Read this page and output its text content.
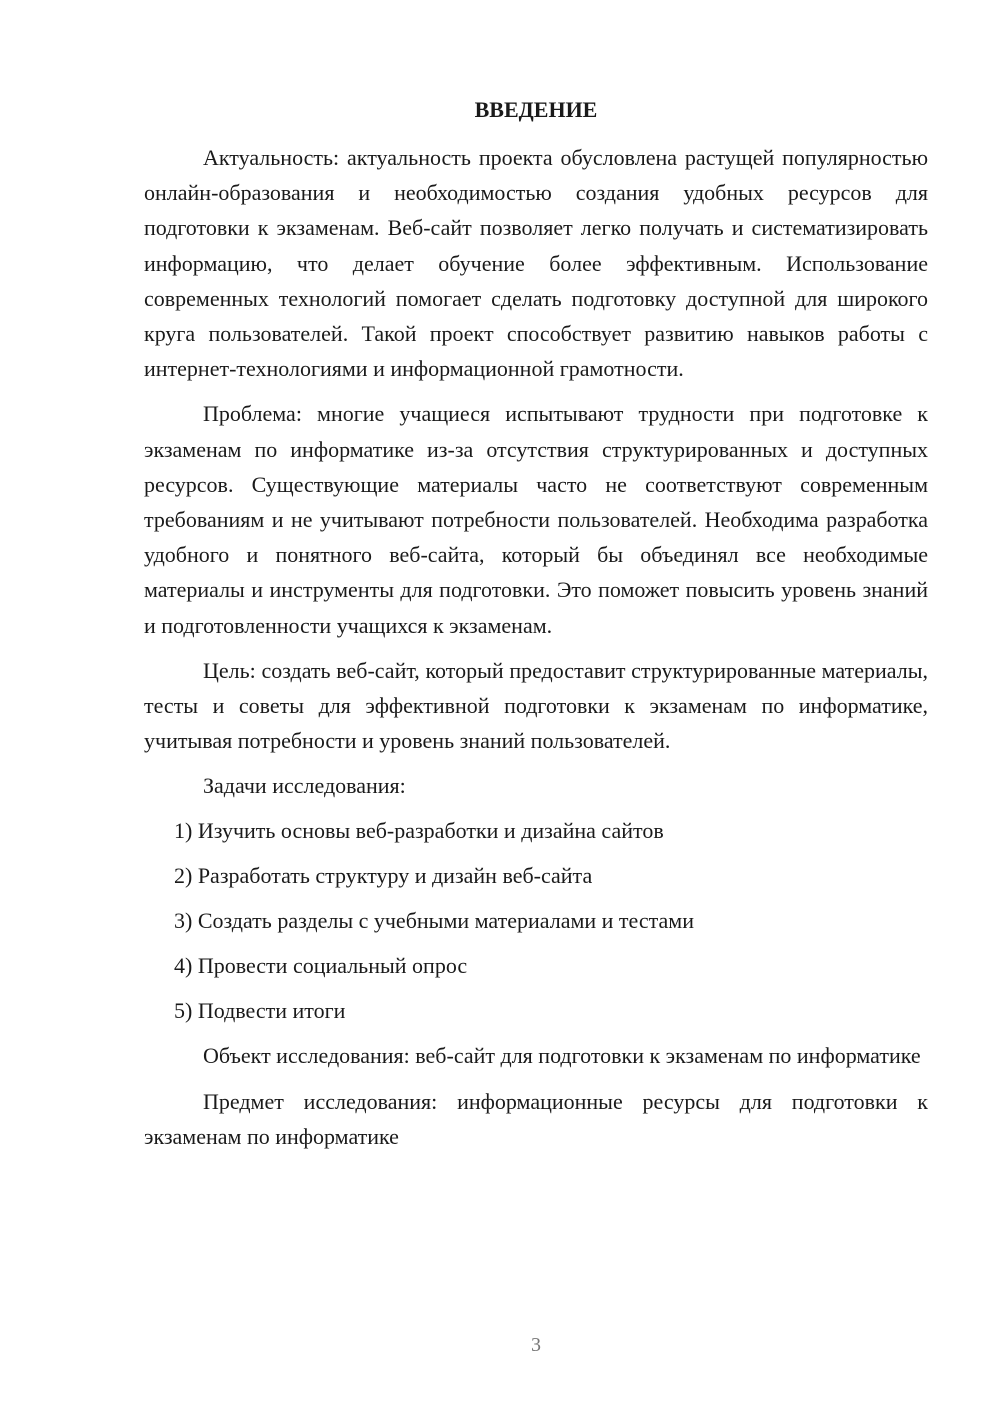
ВВЕДЕНИЕ

Актуальность: актуальность проекта обусловлена растущей популярностью онлайн-образования и необходимостью создания удобных ресурсов для подготовки к экзаменам. Веб-сайт позволяет легко получать и систематизировать информацию, что делает обучение более эффективным. Использование современных технологий помогает сделать подготовку доступной для широкого круга пользователей. Такой проект способствует развитию навыков работы с интернет-технологиями и информационной грамотности.

Проблема: многие учащиеся испытывают трудности при подготовке к экзаменам по информатике из-за отсутствия структурированных и доступных ресурсов. Существующие материалы часто не соответствуют современным требованиям и не учитывают потребности пользователей. Необходима разработка удобного и понятного веб-сайта, который бы объединял все необходимые материалы и инструменты для подготовки. Это поможет повысить уровень знаний и подготовленности учащихся к экзаменам.

Цель: создать веб-сайт, который предоставит структурированные материалы, тесты и советы для эффективной подготовки к экзаменам по информатике, учитывая потребности и уровень знаний пользователей.

Задачи исследования:
1) Изучить основы веб-разработки и дизайна сайтов
2) Разработать структуру и дизайн веб-сайта
3) Создать разделы с учебными материалами и тестами
4) Провести социальный опрос
5) Подвести итоги

Объект исследования: веб-сайт для подготовки к экзаменам по информатике

Предмет исследования: информационные ресурсы для подготовки к экзаменам по информатике

3
